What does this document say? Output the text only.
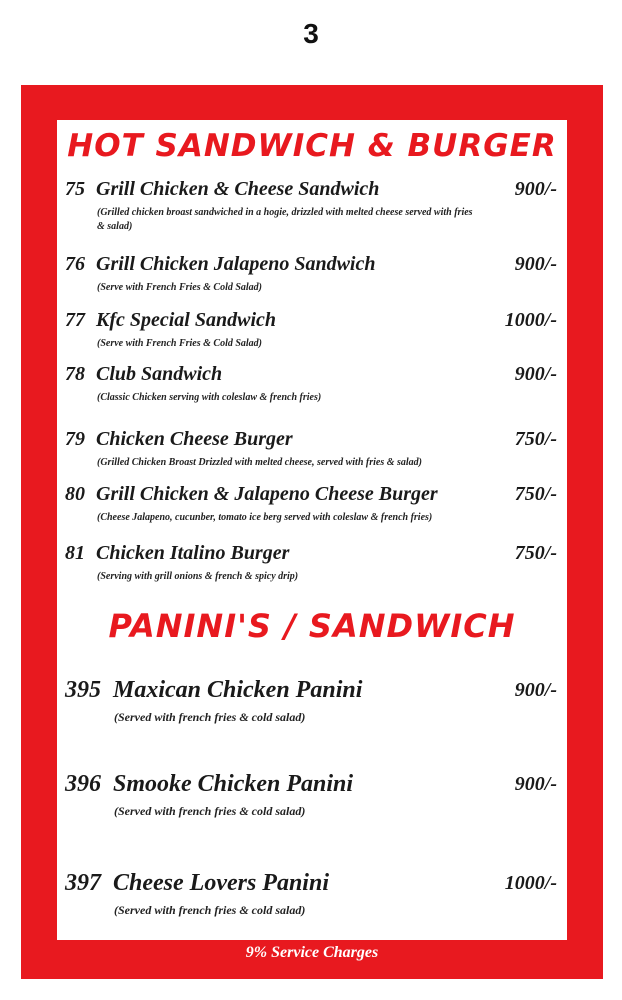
3
HOT SANDWICH & BURGER
75 Grill Chicken & Cheese Sandwich	900/-
(Grilled chicken broast sandwiched in a hogie, drizzled with melted cheese served with fries & salad)
76 Grill Chicken Jalapeno Sandwich	900/-
(Serve with French Fries & Cold Salad)
77 Kfc Special Sandwich	1000/-
(Serve with French Fries & Cold Salad)
78 Club Sandwich	900/-
(Classic Chicken serving with coleslaw & french fries)
79 Chicken Cheese Burger	750/-
(Grilled Chicken Broast Drizzled with melted cheese, served with fries & salad)
80 Grill Chicken & Jalapeno Cheese Burger	750/-
(Cheese Jalapeno, cucunber, tomato ice berg served with coleslaw & french fries)
81 Chicken Italino Burger	750/-
(Serving with grill onions & french & spicy drip)
PANINI'S / SANDWICH
395 Maxican Chicken Panini	900/-
(Served with french fries & cold salad)
396 Smooke Chicken Panini	900/-
(Served with french fries & cold salad)
397 Cheese Lovers Panini	1000/-
(Served with french fries & cold salad)
9% Service Charges
